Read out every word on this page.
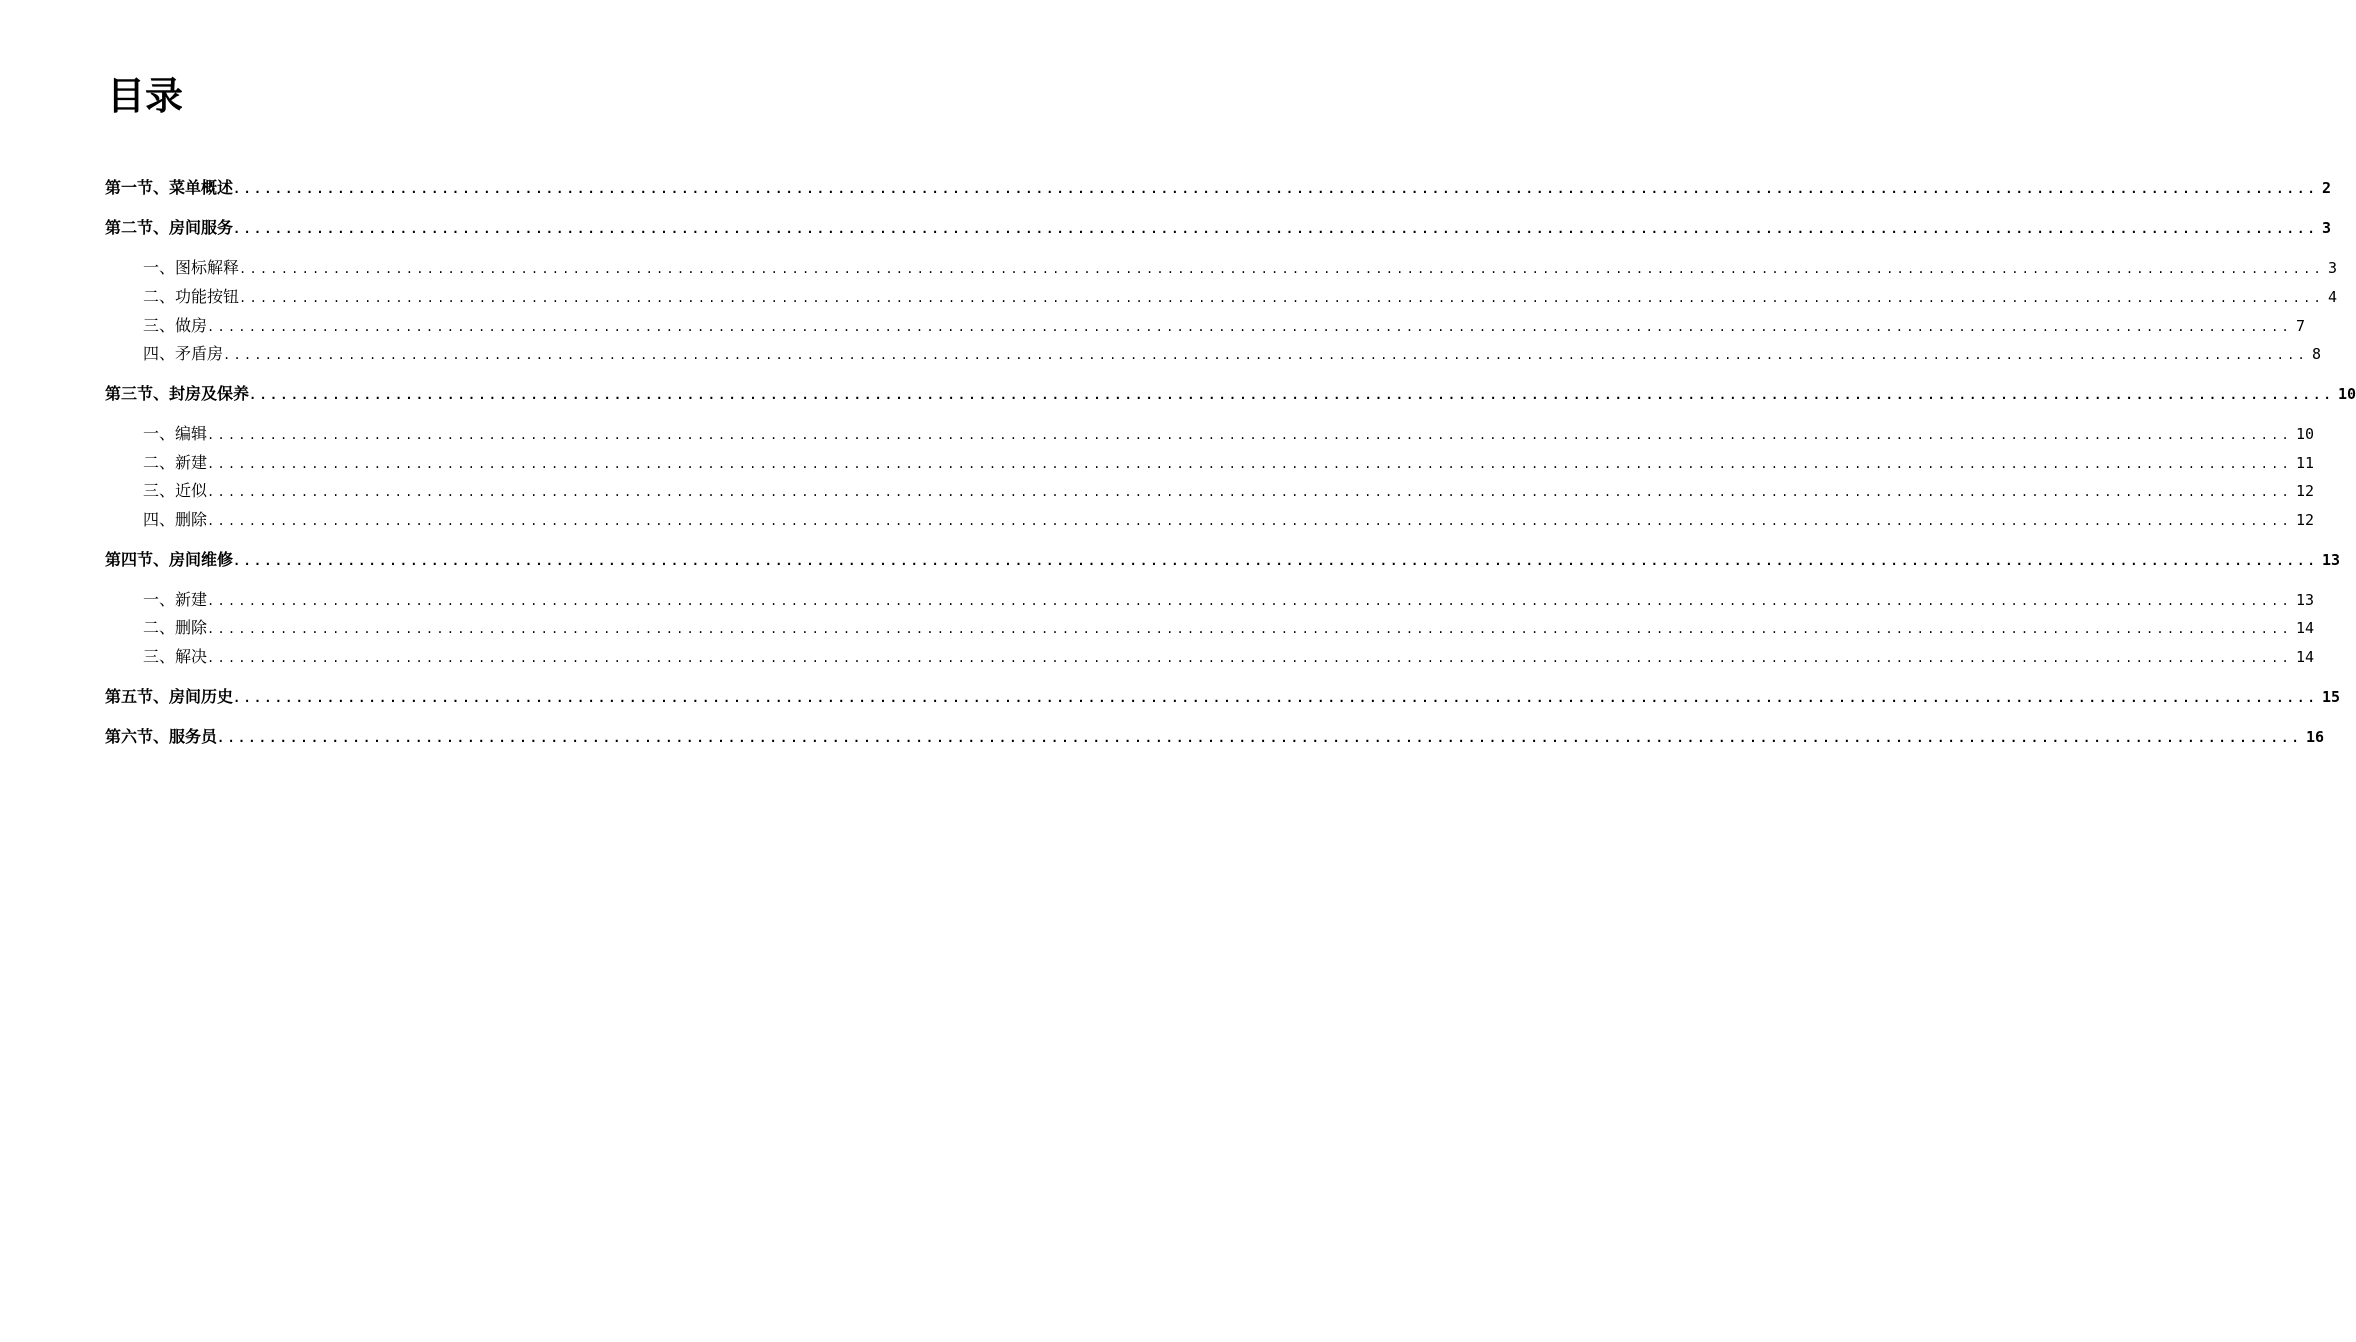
目录
第一节、菜单概述 ........................................................................................................................................................................................................ 2
第二节、房间服务 ........................................................................................................................................................................................................ 3
一、图标解释 ........................................................................................................................................................................................................ 3
二、功能按钮 ........................................................................................................................................................................................................ 4
三、做房 ........................................................................................................................................................................................................ 7
四、矛盾房 ........................................................................................................................................................................................................ 8
第三节、封房及保养 ........................................................................................................................................................................................................ 10
一、编辑 ........................................................................................................................................................................................................ 10
二、新建 ........................................................................................................................................................................................................ 11
三、近似 ........................................................................................................................................................................................................ 12
四、删除 ........................................................................................................................................................................................................ 12
第四节、房间维修 ........................................................................................................................................................................................................ 13
一、新建 ........................................................................................................................................................................................................ 13
二、删除 ........................................................................................................................................................................................................ 14
三、解决 ........................................................................................................................................................................................................ 14
第五节、房间历史 ........................................................................................................................................................................................................ 15
第六节、服务员 ........................................................................................................................................................................................................ 16
